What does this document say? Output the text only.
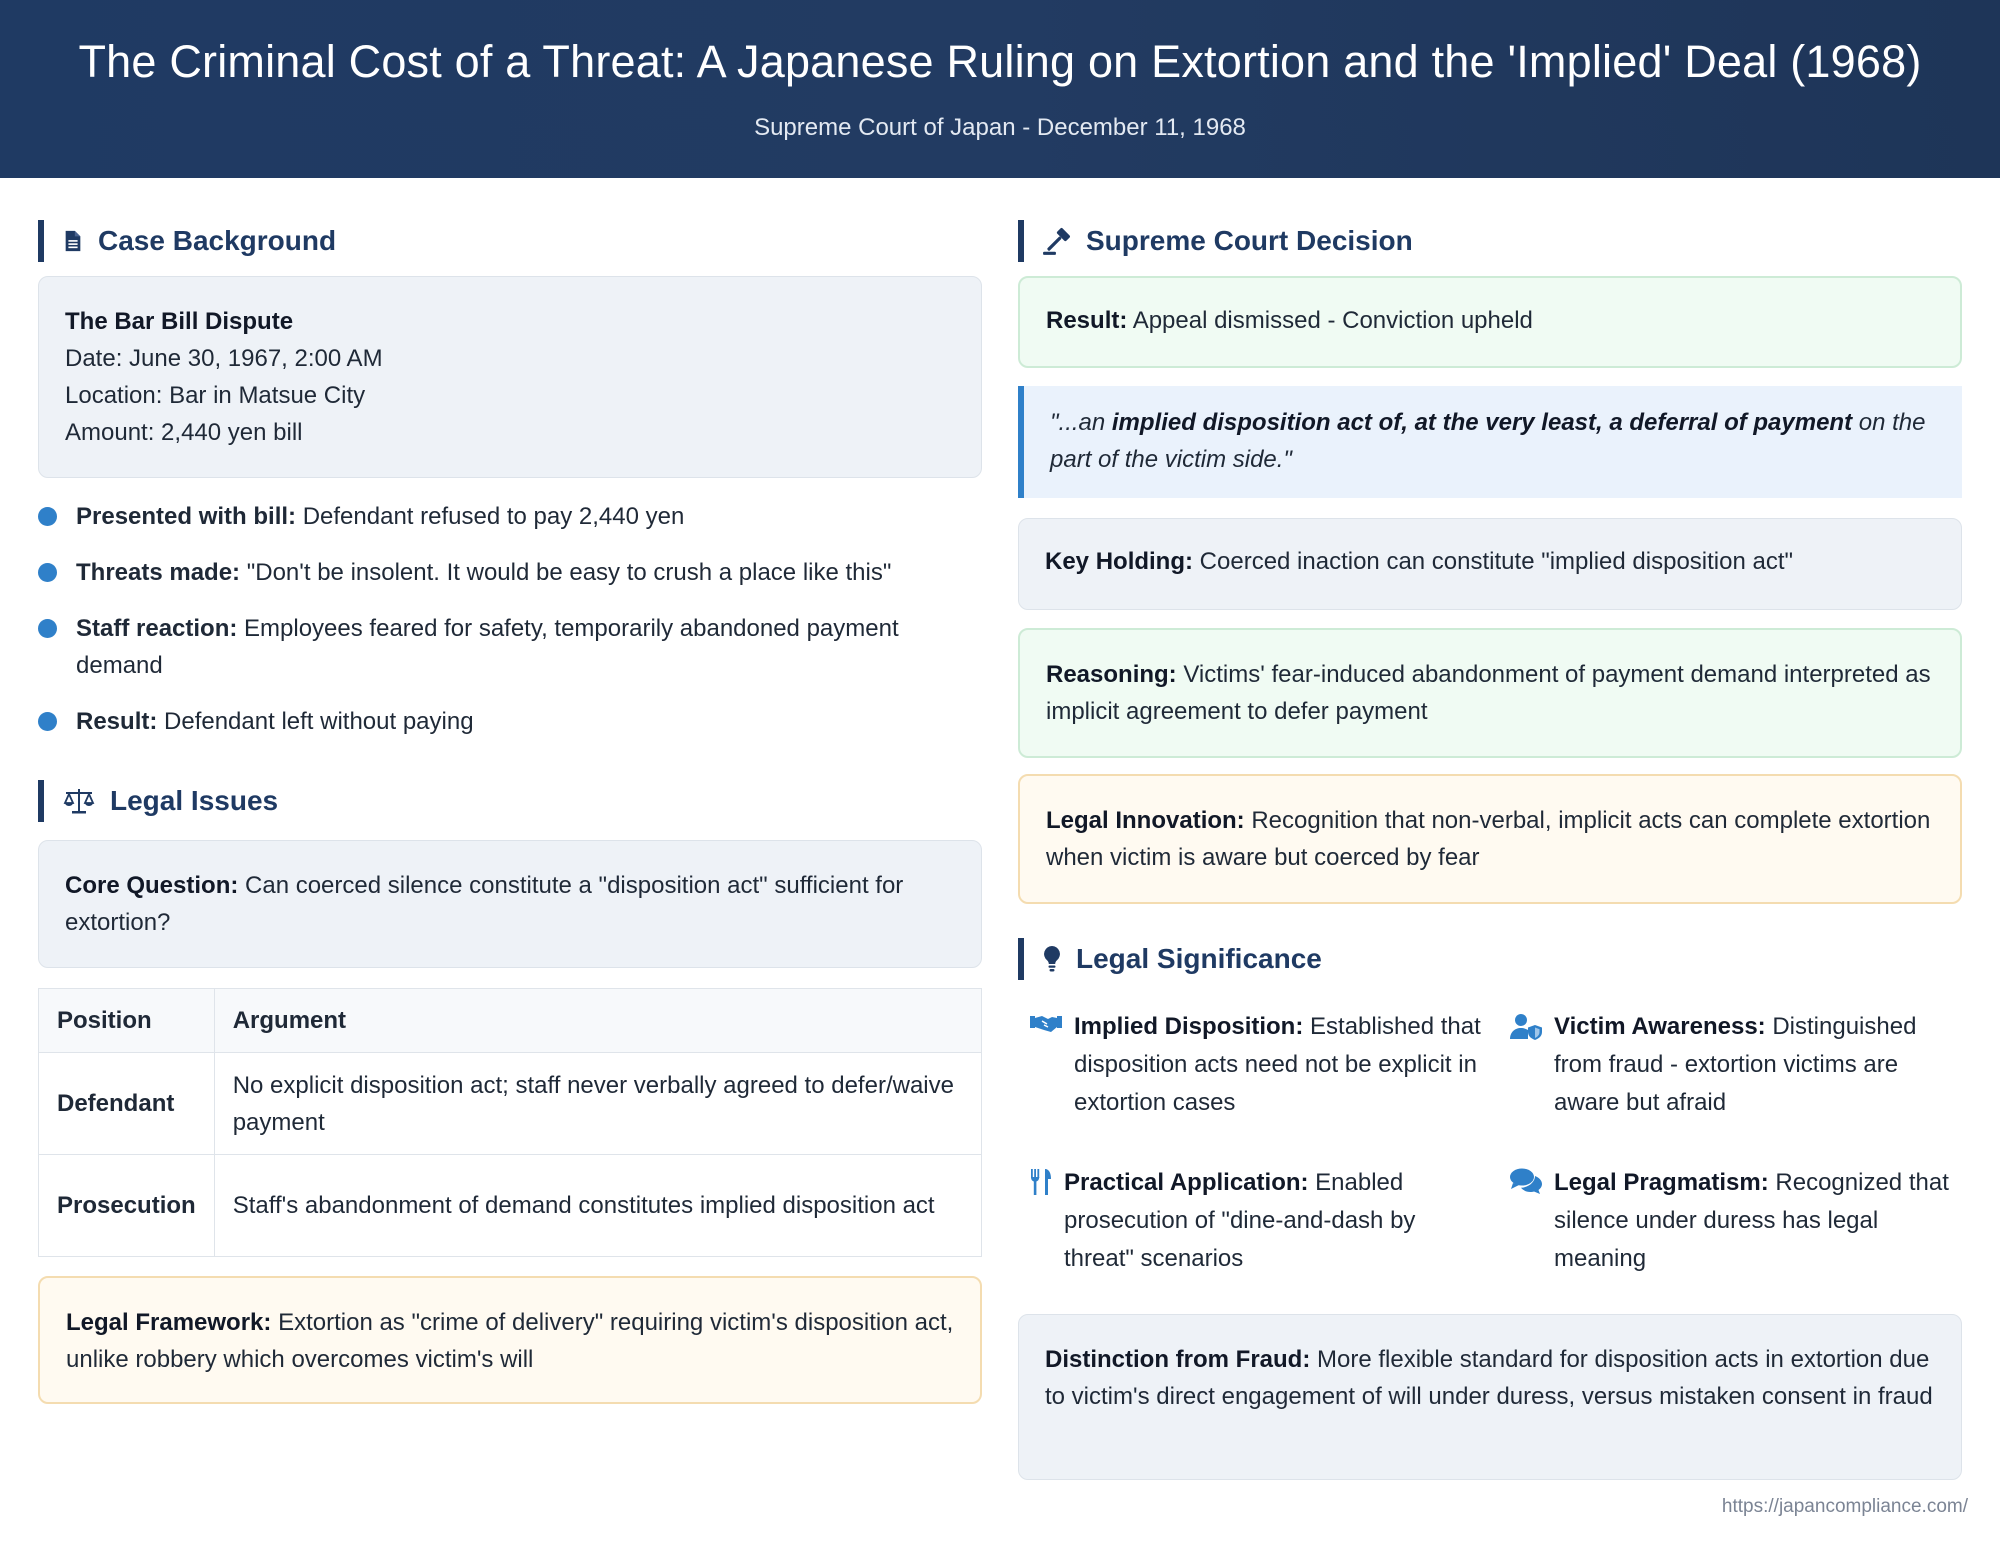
The Criminal Cost of a Threat: A Japanese Ruling on Extortion and the 'Implied' Deal (1968)
Supreme Court of Japan - December 11, 1968
Case Background
The Bar Bill Dispute
Date: June 30, 1967, 2:00 AM
Location: Bar in Matsue City
Amount: 2,440 yen bill
Presented with bill: Defendant refused to pay 2,440 yen
Threats made: "Don't be insolent. It would be easy to crush a place like this"
Staff reaction: Employees feared for safety, temporarily abandoned payment demand
Result: Defendant left without paying
Legal Issues
Core Question: Can coerced silence constitute a "disposition act" sufficient for extortion?
Position	Argument
Defendant	No explicit disposition act; staff never verbally agreed to defer/waive payment
Prosecution	Staff's abandonment of demand constitutes implied disposition act
Legal Framework: Extortion as "crime of delivery" requiring victim's disposition act, unlike robbery which overcomes victim's will
Supreme Court Decision
Result: Appeal dismissed - Conviction upheld
"...an implied disposition act of, at the very least, a deferral of payment on the part of the victim side."
Key Holding: Coerced inaction can constitute "implied disposition act"
Reasoning: Victims' fear-induced abandonment of payment demand interpreted as implicit agreement to defer payment
Legal Innovation: Recognition that non-verbal, implicit acts can complete extortion when victim is aware but coerced by fear
Legal Significance
Implied Disposition: Established that disposition acts need not be explicit in extortion cases
Victim Awareness: Distinguished from fraud - extortion victims are aware but afraid
Practical Application: Enabled prosecution of "dine-and-dash by threat" scenarios
Legal Pragmatism: Recognized that silence under duress has legal meaning
Distinction from Fraud: More flexible standard for disposition acts in extortion due to victim's direct engagement of will under duress, versus mistaken consent in fraud
https://japancompliance.com/
